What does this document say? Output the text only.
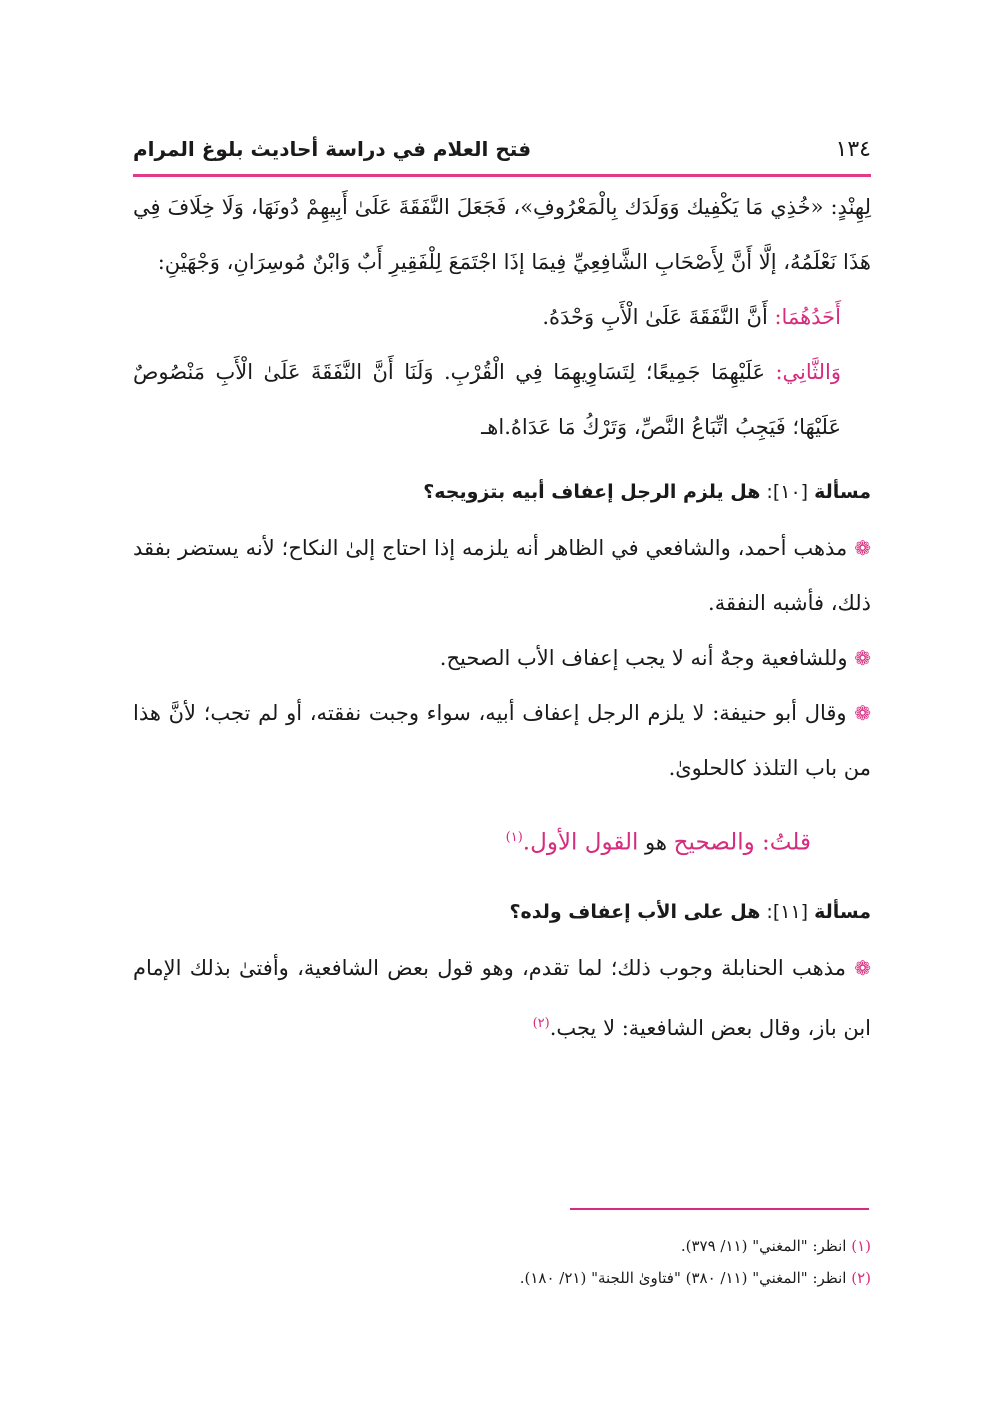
فتح العلام في دراسة أحاديث بلوغ المرام	١٣٤

لِهِنْدٍ: «خُذِي مَا يَكْفِيك وَوَلَدَك بِالْمَعْرُوفِ»، فَجَعَلَ النَّفَقَةَ عَلَىٰ أَبِيهِمْ دُونَهَا، وَلَا خِلَافَ فِي هَذَا نَعْلَمُهُ، إلَّا أَنَّ لِأَصْحَابِ الشَّافِعِيِّ فِيمَا إذَا اجْتَمَعَ لِلْفَقِيرِ أَبٌ وَابْنٌ مُوسِرَانِ، وَجْهَيْنِ:

أَحَدُهُمَا: أَنَّ النَّفَقَةَ عَلَىٰ الْأَبِ وَحْدَهُ.

وَالثَّانِي: عَلَيْهِمَا جَمِيعًا؛ لِتَسَاوِيهِمَا فِي الْقُرْبِ. وَلَنَا أَنَّ النَّفَقَةَ عَلَىٰ الْأَبِ مَنْصُوصٌ عَلَيْهَا؛ فَيَجِبُ اتِّبَاعُ النَّصِّ، وَتَرْكُ مَا عَدَاهُ.اهـ

مسألة [١٠]: هل يلزم الرجل إعفاف أبيه بتزويجه؟

❁ مذهب أحمد، والشافعي في الظاهر أنه يلزمه إذا احتاج إلىٰ النكاح؛ لأنه يستضر بفقد ذلك، فأشبه النفقة.

❁ وللشافعية وجهٌ أنه لا يجب إعفاف الأب الصحيح.

❁ وقال أبو حنيفة: لا يلزم الرجل إعفاف أبيه، سواء وجبت نفقته، أو لم تجب؛ لأنَّ هذا من باب التلذذ كالحلوىٰ.

قلتُ: والصحيح هو القول الأول.$^{(١)}$

مسألة [١١]: هل على الأب إعفاف ولده؟

❁ مذهب الحنابلة وجوب ذلك؛ لما تقدم، وهو قول بعض الشافعية، وأفتىٰ بذلك الإمام ابن باز، وقال بعض الشافعية: لا يجب.$^{(٢)}$

(١) انظر: "المغني" (١١/ ٣٧٩).

(٢) انظر: "المغني" (١١/ ٣٨٠) "فتاوىٰ اللجنة" (٢١/ ١٨٠).
